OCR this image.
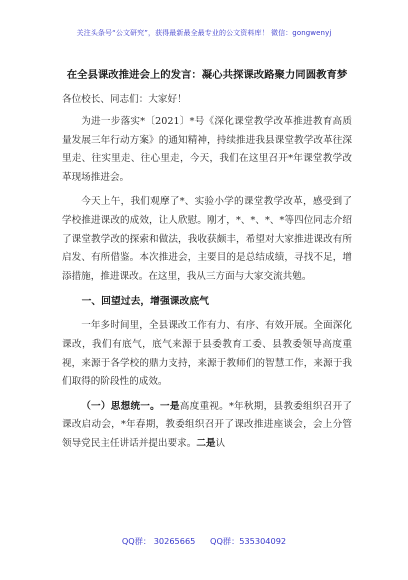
关注头条号“公文研究”，获得最新最全最专业的公文资料库！ 微信：gongwenyj
在全县课改推进会上的发言：凝心共探课改路聚力同圆教育梦
各位校长、同志们：大家好！

为进一步落实*〔2021〕*号《深化课堂教学改革推进教育高质量发展三年行动方案》的通知精神，持续推进我县课堂教学改革往深里走、往实里走、往心里走，今天，我们在这里召开*年课堂教学改革现场推进会。

今天上午，我们观摩了*、实验小学的课堂教学改革，感受到了学校推进课改的成效，让人欣慰。刚才，*、*、*、*等四位同志介绍了课堂教学改的探索和做法，我收获颇丰，希望对大家推进课改有所启发、有所借鉴。本次推进会，主要目的是总结成绩，寻找不足，增添措施，推进课改。在这里，我从三方面与大家交流共勉。

一、回望过去，增强课改底气

一年多时间里，全县课改工作有力、有序、有效开展。全面深化课改，我们有底气，底气来源于县委教育工委、县教委领导高度重视，来源于各学校的鼎力支持，来源于教师们的智慧工作，来源于我们取得的阶段性的成效。

（一）思想统一。一是高度重视。*年秋期，县教委组织召开了课改启动会，*年春期，教委组织召开了课改推进座谈会，会上分管领导党民主任讲话并提出要求。二是认

QQ群： 30265665 QQ群：535304092
